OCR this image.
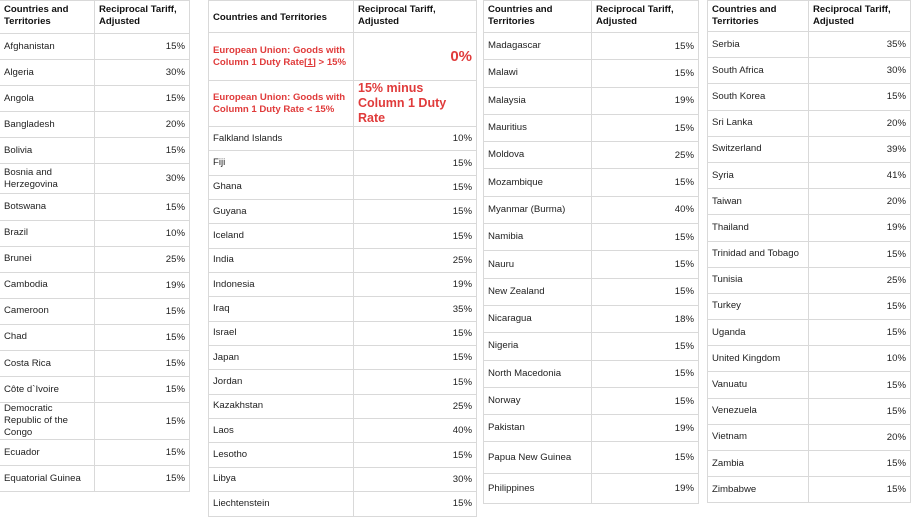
Countries and Territories	Reciprocal Tariff, Adjusted
Afghanistan	15%
Algeria	30%
Angola	15%
Bangladesh	20%
Bolivia	15%
Bosnia and Herzegovina	30%
Botswana	15%
Brazil	10%
Brunei	25%
Cambodia	19%
Cameroon	15%
Chad	15%
Costa Rica	15%
Côte d`Ivoire	15%
Democratic Republic of the Congo	15%
Ecuador	15%
Equatorial Guinea	15%
Countries and Territories	Reciprocal Tariff, Adjusted
European Union: Goods with Column 1 Duty Rate[1] > 15%	0%
European Union: Goods with Column 1 Duty Rate < 15%	15% minus Column 1 Duty Rate
Falkland Islands	10%
Fiji	15%
Ghana	15%
Guyana	15%
Iceland	15%
India	25%
Indonesia	19%
Iraq	35%
Israel	15%
Japan	15%
Jordan	15%
Kazakhstan	25%
Laos	40%
Lesotho	15%
Libya	30%
Liechtenstein	15%
Countries and Territories	Reciprocal Tariff, Adjusted
Madagascar	15%
Malawi	15%
Malaysia	19%
Mauritius	15%
Moldova	25%
Mozambique	15%
Myanmar (Burma)	40%
Namibia	15%
Nauru	15%
New Zealand	15%
Nicaragua	18%
Nigeria	15%
North Macedonia	15%
Norway	15%
Pakistan	19%
Papua New Guinea	15%
Philippines	19%
Countries and Territories	Reciprocal Tariff, Adjusted
Serbia	35%
South Africa	30%
South Korea	15%
Sri Lanka	20%
Switzerland	39%
Syria	41%
Taiwan	20%
Thailand	19%
Trinidad and Tobago	15%
Tunisia	25%
Turkey	15%
Uganda	15%
United Kingdom	10%
Vanuatu	15%
Venezuela	15%
Vietnam	20%
Zambia	15%
Zimbabwe	15%
